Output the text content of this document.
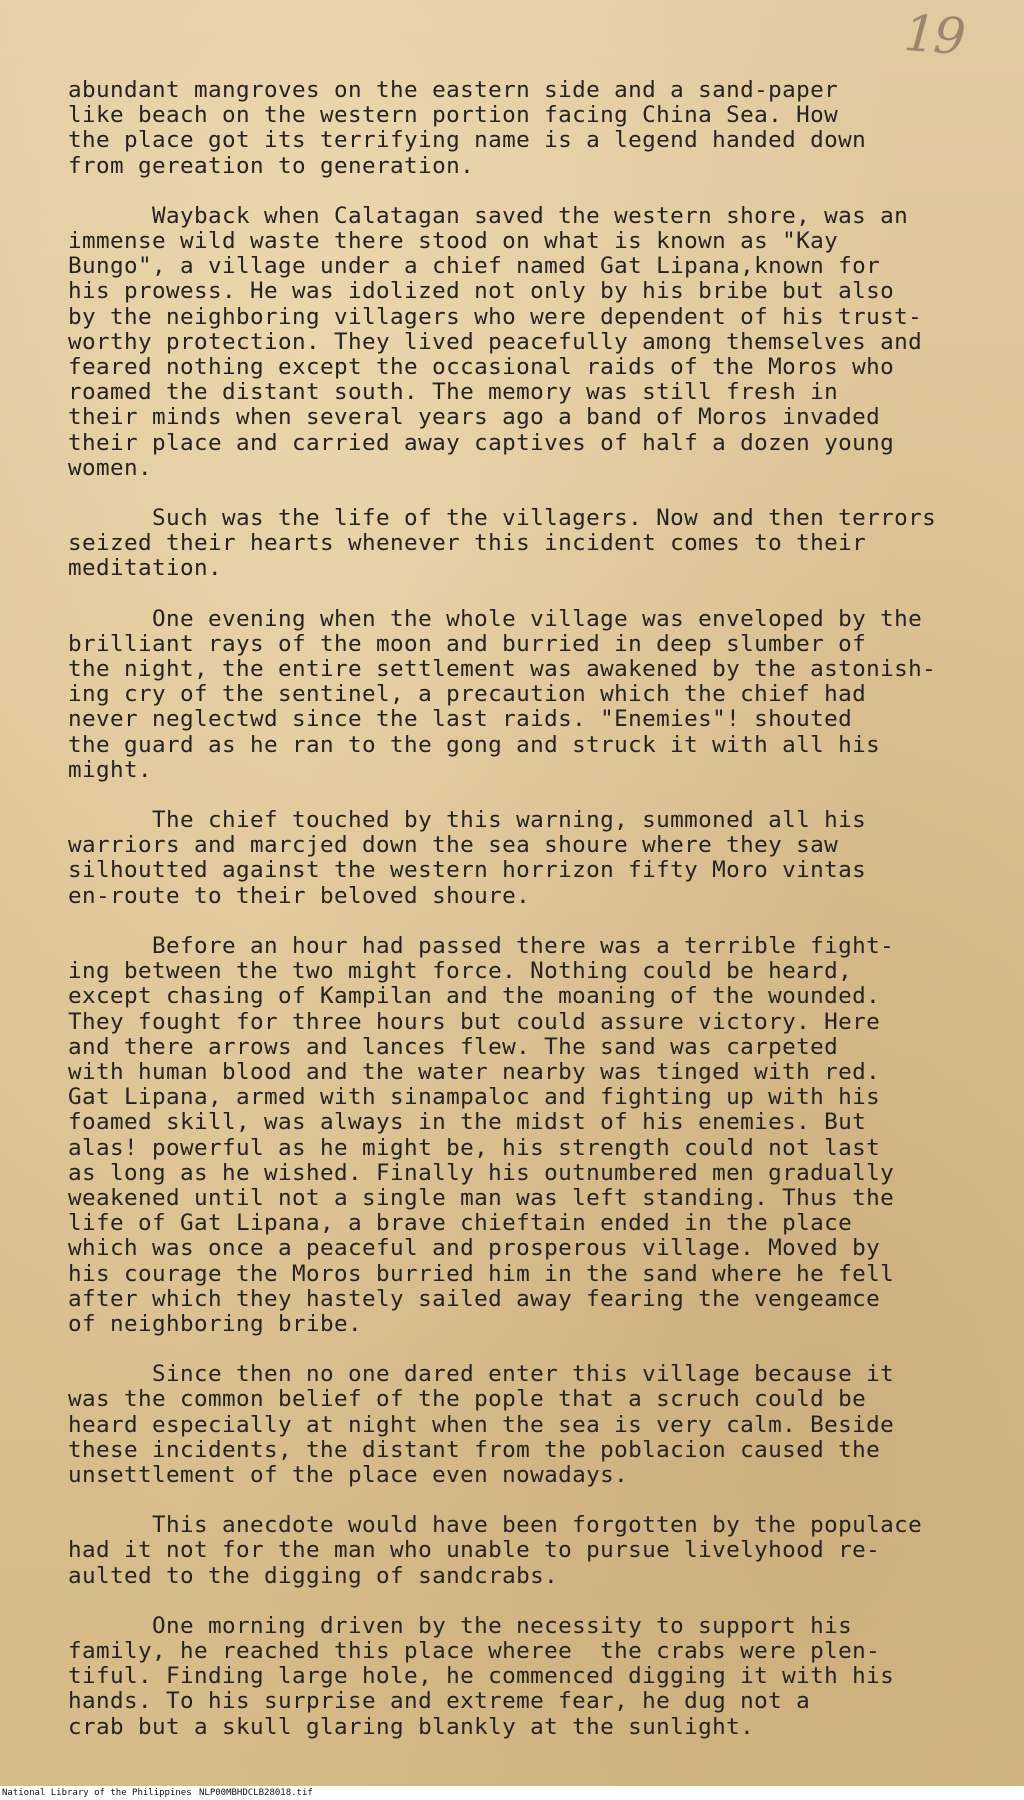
19
abundant mangroves on the eastern side and a sand-paper
like beach on the western portion facing China Sea. How
the place got its terrifying name is a legend handed down
from gereation to generation.
Wayback when Calatagan saved the western shore, was an
immense wild waste there stood on what is known as "Kay
Bungo", a village under a chief named Gat Lipana,known for
his prowess. He was idolized not only by his bribe but also
by the neighboring villagers who were dependent of his trust-
worthy protection. They lived peacefully among themselves and
feared nothing except the occasional raids of the Moros who
roamed the distant south. The memory was still fresh in
their minds when several years ago a band of Moros invaded
their place and carried away captives of half a dozen young
women.
Such was the life of the villagers. Now and then terrors
seized their hearts whenever this incident comes to their
meditation.
One evening when the whole village was enveloped by the
brilliant rays of the moon and burried in deep slumber of
the night, the entire settlement was awakened by the astonish-
ing cry of the sentinel, a precaution which the chief had
never neglectwd since the last raids. "Enemies"! shouted
the guard as he ran to the gong and struck it with all his
might.
The chief touched by this warning, summoned all his
warriors and marcjed down the sea shoure where they saw
silhoutted against the western horrizon fifty Moro vintas
en-route to their beloved shoure.
Before an hour had passed there was a terrible fight-
ing between the two might force. Nothing could be heard,
except chasing of Kampilan and the moaning of the wounded.
They fought for three hours but could assure victory. Here
and there arrows and lances flew. The sand was carpeted
with human blood and the water nearby was tinged with red.
Gat Lipana, armed with sinampaloc and fighting up with his
foamed skill, was always in the midst of his enemies. But
alas! powerful as he might be, his strength could not last
as long as he wished. Finally his outnumbered men gradually
weakened until not a single man was left standing. Thus the
life of Gat Lipana, a brave chieftain ended in the place
which was once a peaceful and prosperous village. Moved by
his courage the Moros burried him in the sand where he fell
after which they hastely sailed away fearing the vengeamce
of neighboring bribe.
Since then no one dared enter this village because it
was the common belief of the pople that a scruch could be
heard especially at night when the sea is very calm. Beside
these incidents, the distant from the poblacion caused the
unsettlement of the place even nowadays.
This anecdote would have been forgotten by the populace
had it not for the man who unable to pursue livelyhood re-
aulted to the digging of sandcrabs.
One morning driven by the necessity to support his
family, he reached this place wheree  the crabs were plen-
tiful. Finding large hole, he commenced digging it with his
hands. To his surprise and extreme fear, he dug not a
crab but a skull glaring blankly at the sunlight.
National Library of the Philippines NLP00MBHDCLB28018.tif
